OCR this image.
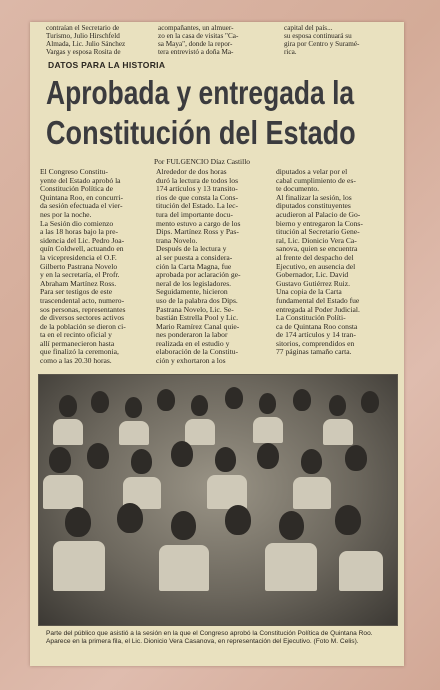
contraían el Secretario de
Turismo, Julio Hirschfeld
Almada, Lic. Julio Sánchez
Vargas y esposa Rosita de
acompañantes, un almuer-
zo en la casa de visitas "Ca-
sa Maya", donde la repor-
tera entrevistó a doña Ma-
capital del país...
su esposa continuará su
gira por Centro y Suramé-
rica.
DATOS PARA LA HISTORIA
Aprobada y entregada la
Constitución del Estado
Por FULGENCIO Díaz Castillo
El Congreso Constitu-
yente del Estado aprobó la
Constitución Política de
Quintana Roo, en concurri-
da sesión efectuada el vier-
nes por la noche.
La Sesión dio comienzo
a las 18 horas bajo la pre-
sidencia del Lic. Pedro Joa-
quín Coldwell, actuando en
la vicepresidencia el O.F.
Gilberto Pastrana Novelo
y en la secretaría, el Profr.
Abraham Martínez Ross.
Para ser testigos de este
trascendental acto, numero-
sos personas, representantes
de diversos sectores activos
de la población se dieron ci-
ta en el recinto oficial y
allí permanecieron hasta
que finalizó la ceremonia,
como a las 20.30 horas.
Alrededor de dos horas
duró la lectura de todos los
174 artículos y 13 transito-
rios de que consta la Cons-
titución del Estado. La lec-
tura del importante docu-
mento estuvo a cargo de los
Dips. Martínez Ross y Pas-
trana Novelo.
Después de la lectura y
al ser puesta a considera-
ción la Carta Magna, fue
aprobada por aclaración ge-
neral de los legisladores.
Seguidamente, hicieron
uso de la palabra dos Dips.
Pastrana Novelo, Lic. Se-
bastián Estrella Pool y Lic.
Mario Ramírez Canal quie-
nes ponderaron la labor
realizada en el estudio y
elaboración de la Constitu-
ción y exhortaron a los
diputados a velar por el
cabal cumplimiento de es-
te documento.
Al finalizar la sesión, los
diputados constituyentes
acudieron al Palacio de Go-
bierno y entregaron la Cons-
titución al Secretario Gene-
ral, Lic. Dionicio Vera Ca-
sanova, quien se encuentra
al frente del despacho del
Ejecutivo, en ausencia del
Gobernador, Lic. David
Gustavo Gutiérrez Ruiz.
Una copia de la Carta
fundamental del Estado fue
entregada al Poder Judicial.
La Constitución Políti-
ca de Quintana Roo consta
de 174 artículos y 14 tran-
sitorios, comprendidos en
77 páginas tamaño carta.
Parte del público que asistió a la sesión en la que el Congreso aprobó la Constitución Política de Quintana Roo. Aparece en la primera fila, el Lic. Dionicio Vera Casanova, en representación del Ejecutivo. (Foto M. Celis).
